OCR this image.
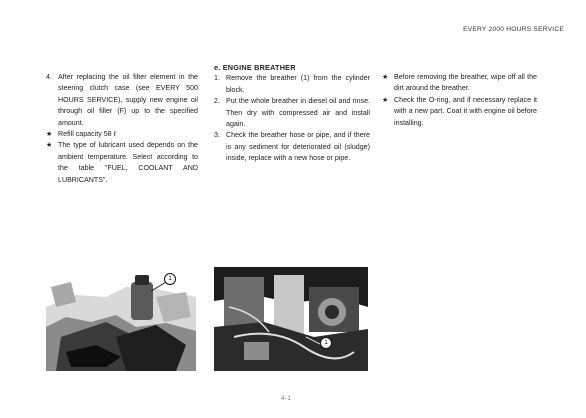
EVERY 2000 HOURS SERVICE
4. After replacing the oil filter element in the steering clutch case (see EVERY 500 HOURS SERVICE), supply new engine oil through oil filler (F) up to the specified amount.
★ Refill capacity 58 ℓ
★ The type of lubricant used depends on the ambient temperature. Select according to the table "FUEL, COOLANT AND LUBRICANTS".
e. ENGINE BREATHER
1. Remove the breather (1) from the cylinder block.
2. Put the whole breather in diesel oil and rinse. Then dry with compressed air and install again.
3. Check the breather hose or pipe, and if there is any sediment for deteriorated oil (sludge) inside, replace with a new hose or pipe.
★ Before removing the breather, wipe off all the dirt around the breather.
★ Check the O-ring, and if necessary replace it with a new part. Coat it with engine oil before installing.
1
1
4-1
